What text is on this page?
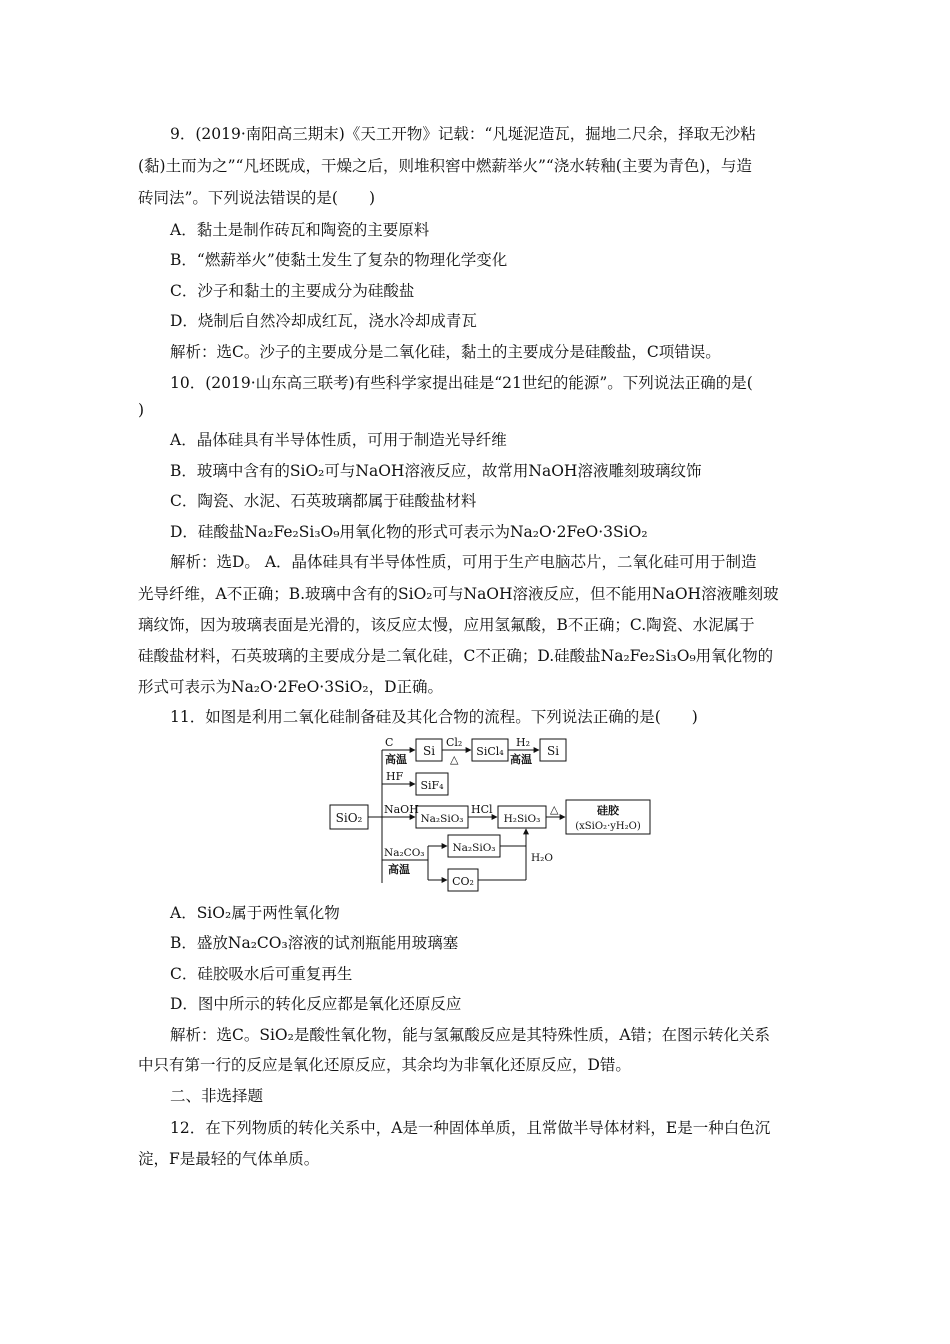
9．(2019·南阳高三期末)《天工开物》记载：“凡埏泥造瓦，掘地二尺余，择取无沙粘
(黏)土而为之”“凡坯既成，干燥之后，则堆积窖中燃薪举火”“浇水转釉(主要为青色)，与造
砖同法”。下列说法错误的是(　　)
A．黏土是制作砖瓦和陶瓷的主要原料
B．“燃薪举火”使黏土发生了复杂的物理化学变化
C．沙子和黏土的主要成分为硅酸盐
D．烧制后自然冷却成红瓦，浇水冷却成青瓦
解析：选C。沙子的主要成分是二氧化硅，黏土的主要成分是硅酸盐，C项错误。
10．(2019·山东高三联考)有些科学家提出硅是“21世纪的能源”。下列说法正确的是(
)
A．晶体硅具有半导体性质，可用于制造光导纤维
B．玻璃中含有的SiO₂可与NaOH溶液反应，故常用NaOH溶液雕刻玻璃纹饰
C．陶瓷、水泥、石英玻璃都属于硅酸盐材料
D．硅酸盐Na₂Fe₂Si₃O₉用氧化物的形式可表示为Na₂O·2FeO·3SiO₂
解析：选D。 A．晶体硅具有半导体性质，可用于生产电脑芯片，二氧化硅可用于制造
光导纤维，A不正确；B.玻璃中含有的SiO₂可与NaOH溶液反应，但不能用NaOH溶液雕刻玻
璃纹饰，因为玻璃表面是光滑的，该反应太慢，应用氢氟酸，B不正确；C.陶瓷、水泥属于
硅酸盐材料，石英玻璃的主要成分是二氧化硅，C不正确；D.硅酸盐Na₂Fe₂Si₃O₉用氧化物的
形式可表示为Na₂O·2FeO·3SiO₂，D正确。
11．如图是利用二氧化硅制备硅及其化合物的流程。下列说法正确的是(　　)
SiO₂
C
高温
Si
Cl₂
△
SiCl₄
H₂
高温
Si
HF
SiF₄
NaOH
Na₂SiO₃
HCl
H₂SiO₃
△	硅胶
(xSiO₂·yH₂O)
Na₂CO₃
高温
Na₂SiO₃
CO₂
H₂O
A．SiO₂属于两性氧化物
B．盛放Na₂CO₃溶液的试剂瓶能用玻璃塞
C．硅胶吸水后可重复再生
D．图中所示的转化反应都是氧化还原反应
解析：选C。SiO₂是酸性氧化物，能与氢氟酸反应是其特殊性质，A错；在图示转化关系
中只有第一行的反应是氧化还原反应，其余均为非氧化还原反应，D错。
二、非选择题
12．在下列物质的转化关系中，A是一种固体单质，且常做半导体材料，E是一种白色沉
淀，F是最轻的气体单质。
